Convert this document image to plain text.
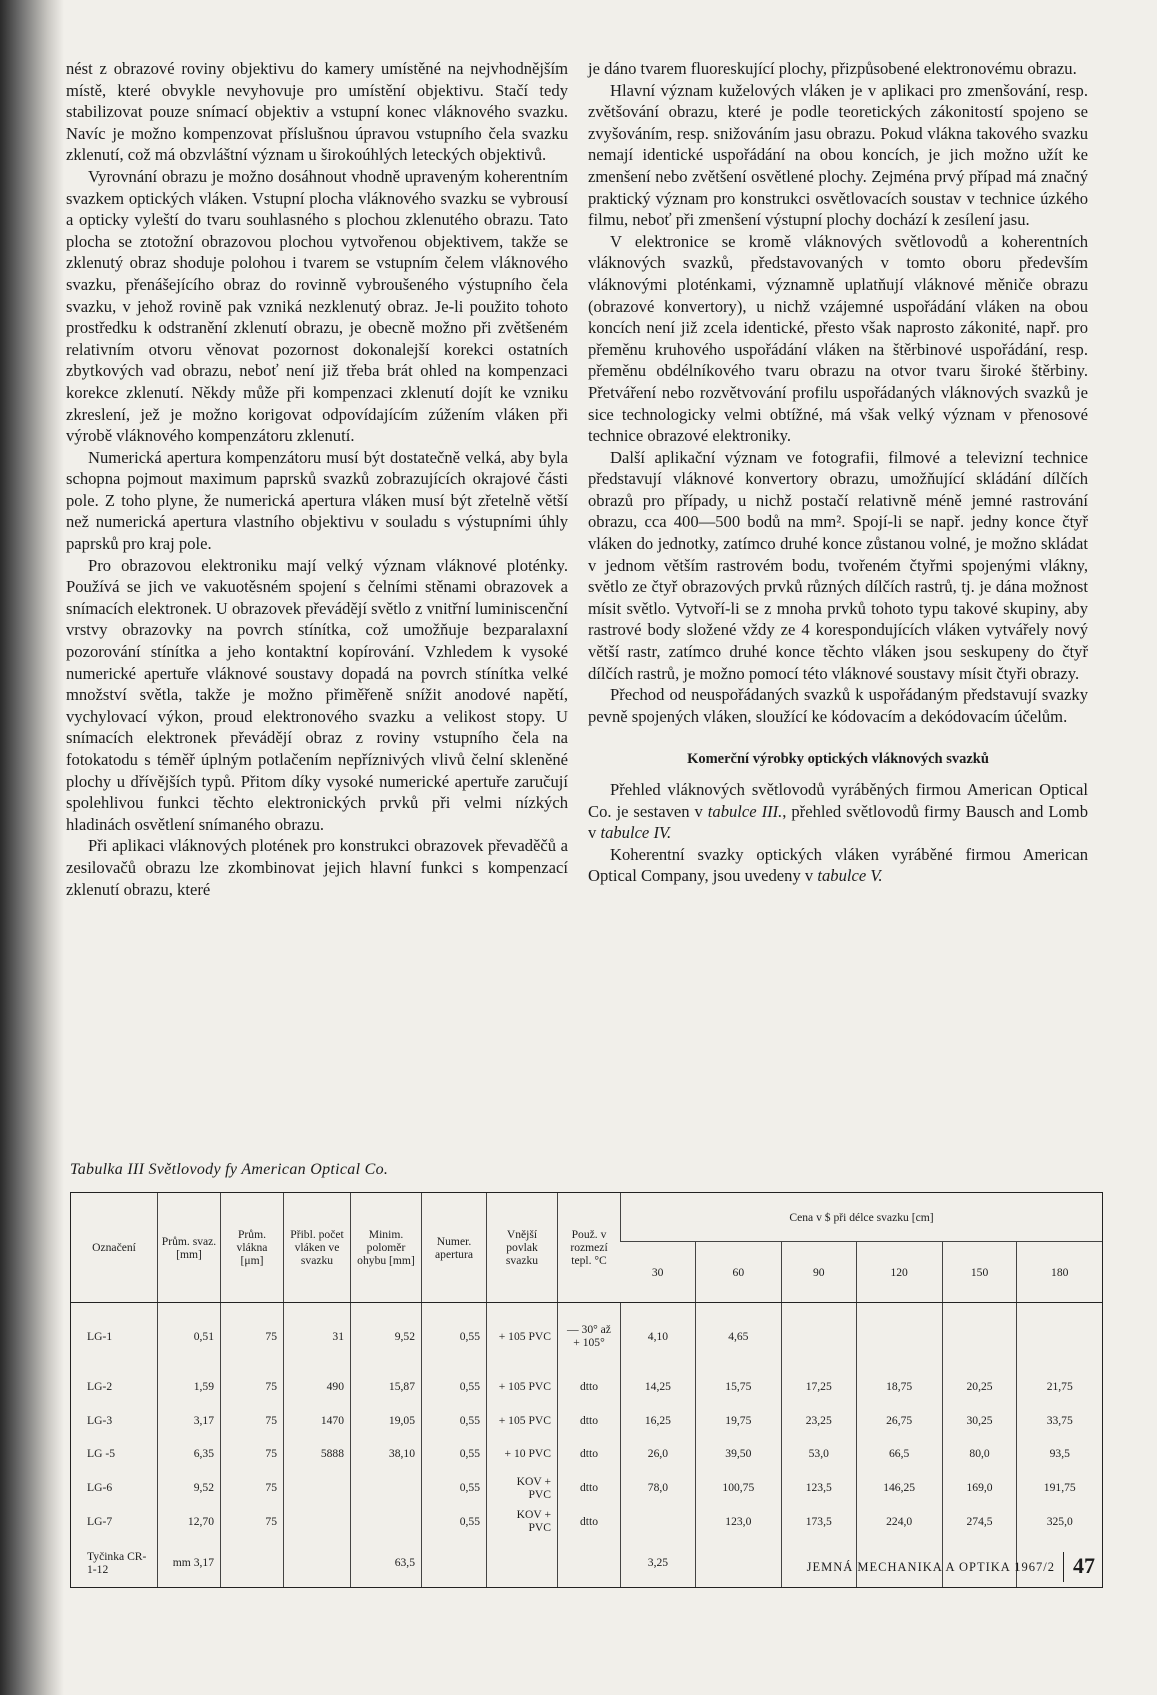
nést z obrazové roviny objektivu do kamery umístěné na nejvhodnějším místě, které obvykle nevyhovuje pro umístění objektivu. Stačí tedy stabilizovat pouze snímací objektiv a vstupní konec vláknového svazku. Navíc je možno kompenzovat příslušnou úpravou vstupního čela svazku zklenutí, což má obzvláštní význam u širokoúhlých leteckých objektivů.

Vyrovnání obrazu je možno dosáhnout vhodně upraveným koherentním svazkem optických vláken. Vstupní plocha vláknového svazku se vybrousí a opticky vyleští do tvaru souhlasného s plochou zklenutého obrazu. Tato plocha se ztotožní obrazovou plochou vytvořenou objektivem, takže se zklenutý obraz shoduje polohou i tvarem se vstupním čelem vláknového svazku, přenášejícího obraz do rovinně vybroušeného výstupního čela svazku, v jehož rovině pak vzniká nezklenutý obraz. Je-li použito tohoto prostředku k odstranění zklenutí obrazu, je obecně možno při zvětšeném relativním otvoru věnovat pozornost dokonalejší korekci ostatních zbytkových vad obrazu, neboť není již třeba brát ohled na kompenzaci korekce zklenutí. Někdy může při kompenzaci zklenutí dojít ke vzniku zkreslení, jež je možno korigovat odpovídajícím zúžením vláken při výrobě vláknového kompenzátoru zklenutí.

Numerická apertura kompenzátoru musí být dostatečně velká, aby byla schopna pojmout maximum paprsků svazků zobrazujících okrajové části pole. Z toho plyne, že numerická apertura vláken musí být zřetelně větší než numerická apertura vlastního objektivu v souladu s výstupními úhly paprsků pro kraj pole.

Pro obrazovou elektroniku mají velký význam vláknové ploténky. Používá se jich ve vakuotěsném spojení s čelními stěnami obrazovek a snímacích elektronek. U obrazovek převádějí světlo z vnitřní luminiscenční vrstvy obrazovky na povrch stínítka, což umožňuje bezparalaxní pozorování stínítka a jeho kontaktní kopírování. Vzhledem k vysoké numerické apertuře vláknové soustavy dopadá na povrch stínítka velké množství světla, takže je možno přiměřeně snížit anodové napětí, vychylovací výkon, proud elektronového svazku a velikost stopy. U snímacích elektronek převádějí obraz z roviny vstupního čela na fotokatodu s téměř úplným potlačením nepříznivých vlivů čelní skleněné plochy u dřívějších typů. Přitom díky vysoké numerické apertuře zaručují spolehlivou funkci těchto elektronických prvků při velmi nízkých hladinách osvětlení snímaného obrazu.

Při aplikaci vláknových plotének pro konstrukci obrazovek převaděčů a zesilovačů obrazu lze zkombinovat jejich hlavní funkci s kompenzací zklenutí obrazu, které

je dáno tvarem fluoreskující plochy, přizpůsobené elektronovému obrazu.

Hlavní význam kuželových vláken je v aplikaci pro zmenšování, resp. zvětšování obrazu, které je podle teoretických zákonitostí spojeno se zvyšováním, resp. snižováním jasu obrazu. Pokud vlákna takového svazku nemají identické uspořádání na obou koncích, je jich možno užít ke zmenšení nebo zvětšení osvětlené plochy. Zejména prvý případ má značný praktický význam pro konstrukci osvětlovacích soustav v technice úzkého filmu, neboť při zmenšení výstupní plochy dochází k zesílení jasu.

V elektronice se kromě vláknových světlovodů a koherentních vláknových svazků, představovaných v tomto oboru především vláknovými ploténkami, významně uplatňují vláknové měniče obrazu (obrazové konvertory), u nichž vzájemné uspořádání vláken na obou koncích není již zcela identické, přesto však naprosto zákonité, např. pro přeměnu kruhového uspořádání vláken na štěrbinové uspořádání, resp. přeměnu obdélníkového tvaru obrazu na otvor tvaru široké štěrbiny. Přetváření nebo rozvětvování profilu uspořádaných vláknových svazků je sice technologicky velmi obtížné, má však velký význam v přenosové technice obrazové elektroniky.

Další aplikační význam ve fotografii, filmové a televizní technice představují vláknové konvertory obrazu, umožňující skládání dílčích obrazů pro případy, u nichž postačí relativně méně jemné rastrování obrazu, cca 400—500 bodů na mm². Spojí-li se např. jedny konce čtyř vláken do jednotky, zatímco druhé konce zůstanou volné, je možno skládat v jednom větším rastrovém bodu, tvořeném čtyřmi spojenými vlákny, světlo ze čtyř obrazových prvků různých dílčích rastrů, tj. je dána možnost mísit světlo. Vytvoří-li se z mnoha prvků tohoto typu takové skupiny, aby rastrové body složené vždy ze 4 korespondujících vláken vytvářely nový větší rastr, zatímco druhé konce těchto vláken jsou seskupeny do čtyř dílčích rastrů, je možno pomocí této vláknové soustavy mísit čtyři obrazy.

Přechod od neuspořádaných svazků k uspořádaným představují svazky pevně spojených vláken, sloužící ke kódovacím a dekódovacím účelům.

Komerční výrobky optických vláknových svazků

Přehled vláknových světlovodů vyráběných firmou American Optical Co. je sestaven v tabulce III., přehled světlovodů firmy Bausch and Lomb v tabulce IV.

Koherentní svazky optických vláken vyráběné firmou American Optical Company, jsou uvedeny v tabulce V.

Tabulka III Světlovody fy American Optical Co.
Označení	Prům. svaz. [mm]	Prům. vlákna [μm]	Přibl. počet vláken ve svazku	Minim. poloměr ohybu [mm]	Numer. apertura	Vnější povlak svazku	Použ. v rozmezí tepl. °C	Cena v $ při délce svazku [cm]					
								30	60	90	120	150	180
LG-1	0,51	75	31	9,52	0,55	+ 105 PVC	— 30° až + 105°	4,10	4,65				
LG-2	1,59	75	490	15,87	0,55	+ 105 PVC	dtto	14,25	15,75	17,25	18,75	20,25	21,75
LG-3	3,17	75	1470	19,05	0,55	+ 105 PVC	dtto	16,25	19,75	23,25	26,75	30,25	33,75
LG -5	6,35	75	5888	38,10	0,55	+ 10 PVC	dtto	26,0	39,50	53,0	66,5	80,0	93,5
LG-6	9,52	75			0,55	KOV + PVC	dtto	78,0	100,75	123,5	146,25	169,0	191,75
LG-7	12,70	75			0,55	KOV + PVC	dtto		123,0	173,5	224,0	274,5	325,0
Tyčinka CR-1-12	mm 3,17			63,5				3,25						JEMNÁ MECHANIKA A OPTIKA 1967/2 47
